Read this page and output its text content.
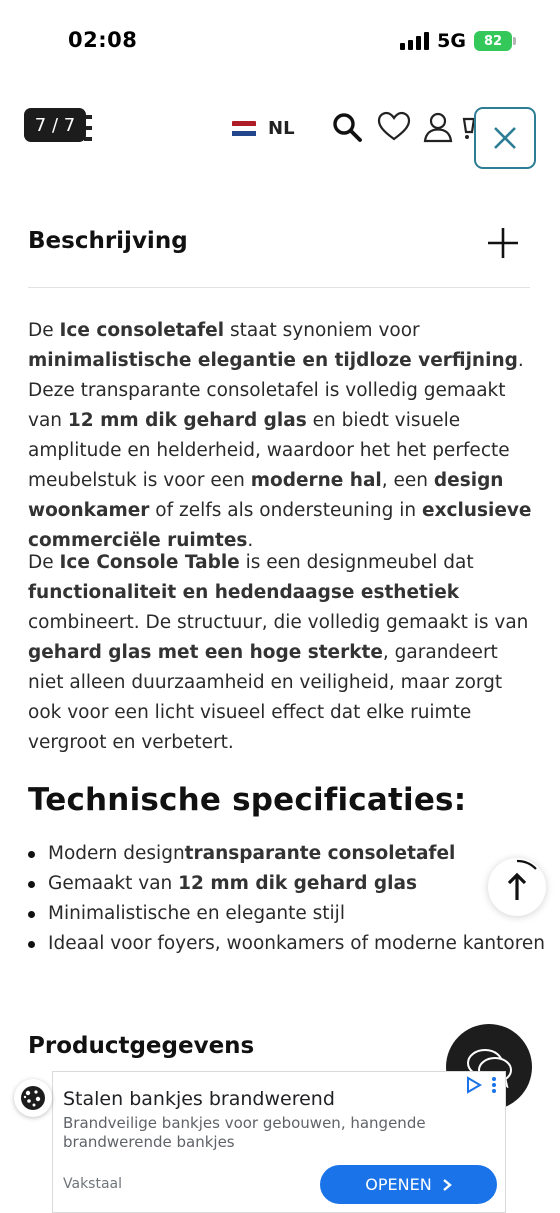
02:08	5G 82
7 / 7	NL
Beschrijving

De Ice consoletafel staat synoniem voor minimalistische elegantie en tijdloze verfijning. Deze transparante consoletafel is volledig gemaakt van 12 mm dik gehard glas en biedt visuele amplitude en helderheid, waardoor het het perfecte meubelstuk is voor een moderne hal, een design woonkamer of zelfs als ondersteuning in exclusieve commerciële ruimtes.

De Ice Console Table is een designmeubel dat functionaliteit en hedendaagse esthetiek combineert. De structuur, die volledig gemaakt is van gehard glas met een hoge sterkte, garandeert niet alleen duurzaamheid en veiligheid, maar zorgt ook voor een licht visueel effect dat elke ruimte vergroot en verbetert.

Technische specificaties:
Modern designtransparante consoletafel
Gemaakt van 12 mm dik gehard glas
Minimalistische en elegante stijl
Ideaal voor foyers, woonkamers of moderne kantoren
Productgegevens
Stalen bankjes brandwerend
Brandveilige bankjes voor gebouwen, hangende brandwerende bankjes
Vakstaal	OPENEN
